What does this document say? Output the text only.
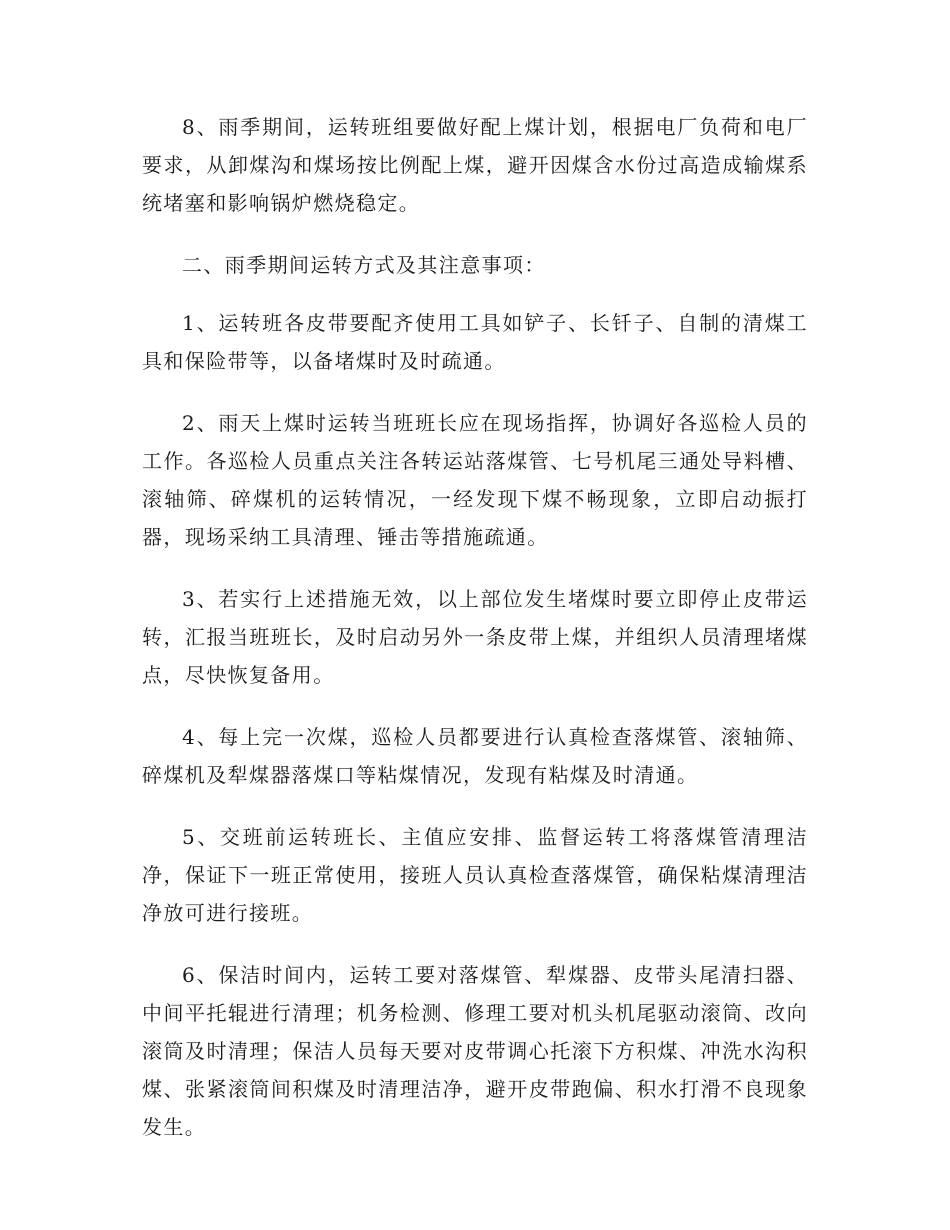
8、雨季期间，运转班组要做好配上煤计划，根据电厂负荷和电厂要求，从卸煤沟和煤场按比例配上煤，避开因煤含水份过高造成输煤系统堵塞和影响锅炉燃烧稳定。

二、雨季期间运转方式及其注意事项：

1、运转班各皮带要配齐使用工具如铲子、长钎子、自制的清煤工具和保险带等，以备堵煤时及时疏通。

2、雨天上煤时运转当班班长应在现场指挥，协调好各巡检人员的工作。各巡检人员重点关注各转运站落煤管、七号机尾三通处导料槽、滚轴筛、碎煤机的运转情况，一经发现下煤不畅现象，立即启动振打器，现场采纳工具清理、锤击等措施疏通。

3、若实行上述措施无效，以上部位发生堵煤时要立即停止皮带运转，汇报当班班长，及时启动另外一条皮带上煤，并组织人员清理堵煤点，尽快恢复备用。

4、每上完一次煤，巡检人员都要进行认真检查落煤管、滚轴筛、碎煤机及犁煤器落煤口等粘煤情况，发现有粘煤及时清通。

5、交班前运转班长、主值应安排、监督运转工将落煤管清理洁净，保证下一班正常使用，接班人员认真检查落煤管，确保粘煤清理洁净放可进行接班。

6、保洁时间内，运转工要对落煤管、犁煤器、皮带头尾清扫器、中间平托辊进行清理；机务检测、修理工要对机头机尾驱动滚筒、改向滚筒及时清理；保洁人员每天要对皮带调心托滚下方积煤、冲洗水沟积煤、张紧滚筒间积煤及时清理洁净，避开皮带跑偏、积水打滑不良现象发生。
